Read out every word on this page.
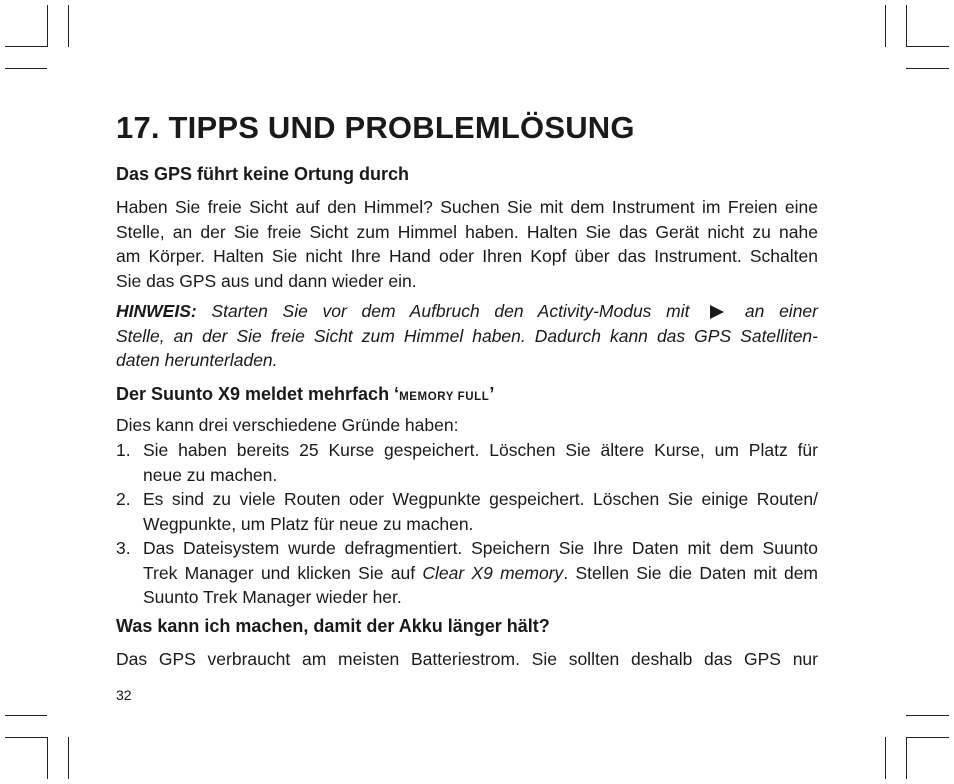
17. TIPPS UND PROBLEMLÖSUNG
Das GPS führt keine Ortung durch
Haben Sie freie Sicht auf den Himmel? Suchen Sie mit dem Instrument im Freien eine
Stelle, an der Sie freie Sicht zum Himmel haben. Halten Sie das Gerät nicht zu nahe
am Körper. Halten Sie nicht Ihre Hand oder Ihren Kopf über das Instrument. Schalten
Sie das GPS aus und dann wieder ein.
HINWEIS: Starten Sie vor dem Aufbruch den Activity-Modus mit	an einer
Stelle, an der Sie freie Sicht zum Himmel haben. Dadurch kann das GPS Satelliten-
daten herunterladen.
Der Suunto X9 meldet mehrfach ‘MEMORY FULL’
Dies kann drei verschiedene Gründe haben:
1. Sie haben bereits 25 Kurse gespeichert. Löschen Sie ältere Kurse, um Platz für
neue zu machen.
2. Es sind zu viele Routen oder Wegpunkte gespeichert. Löschen Sie einige Routen/
Wegpunkte, um Platz für neue zu machen.
3. Das Dateisystem wurde defragmentiert. Speichern Sie Ihre Daten mit dem Suunto
Trek Manager und klicken Sie auf Clear X9 memory. Stellen Sie die Daten mit dem
Suunto Trek Manager wieder her.
Was kann ich machen, damit der Akku länger hält?
Das GPS verbraucht am meisten Batteriestrom. Sie sollten deshalb das GPS nur
32
